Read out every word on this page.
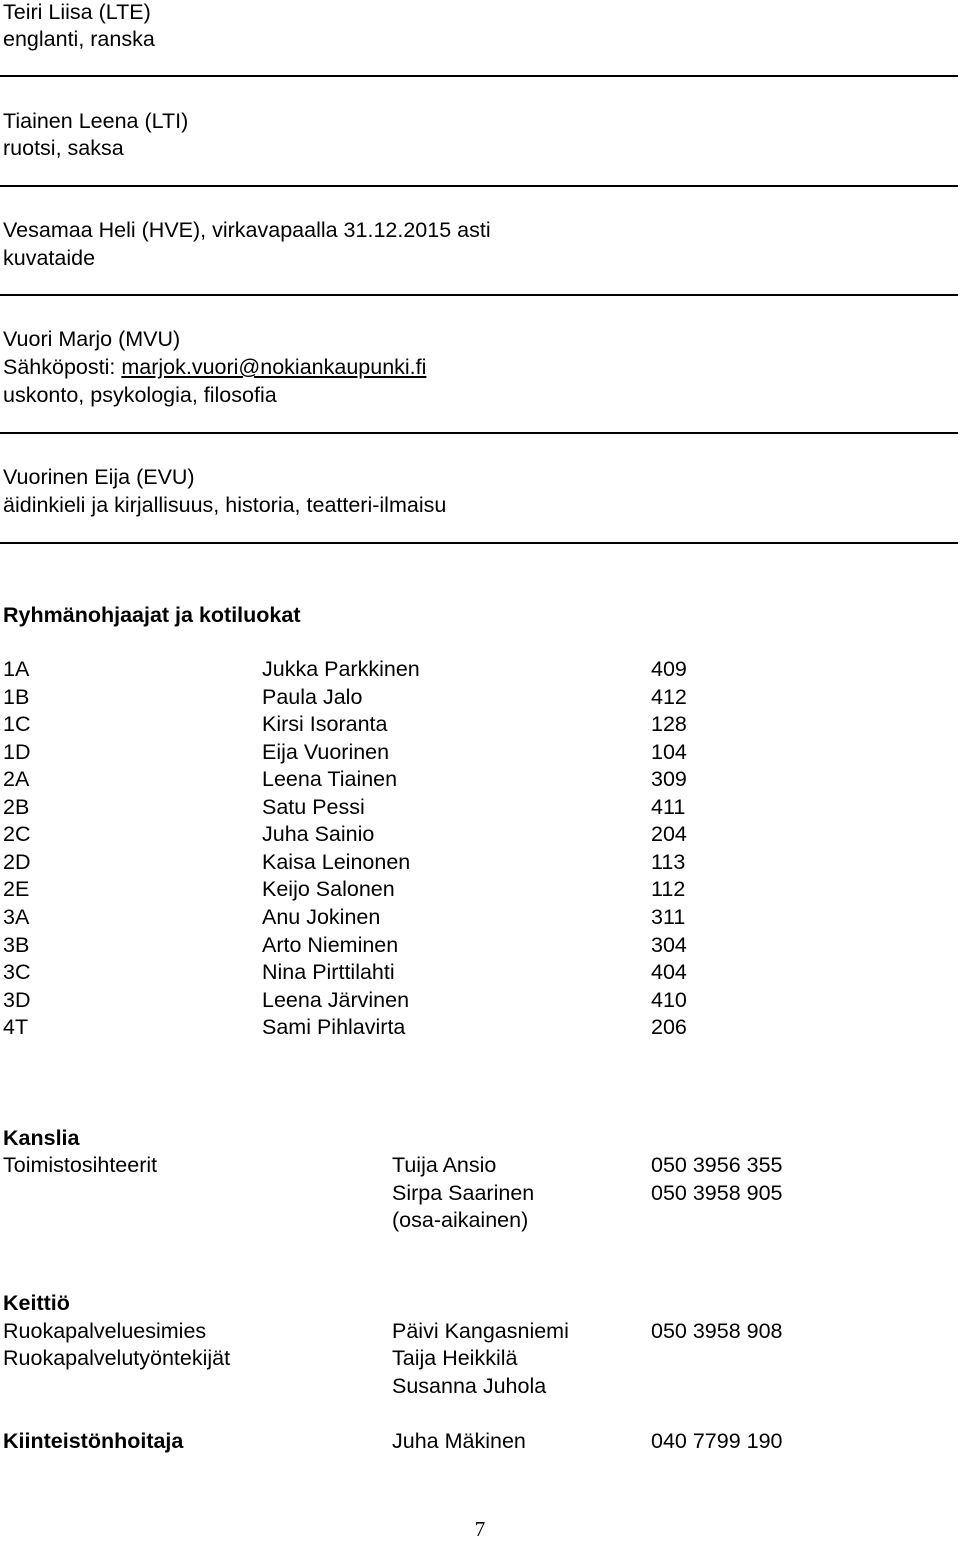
Teiri Liisa (LTE)
englanti, ranska
Tiainen Leena (LTI)
ruotsi, saksa
Vesamaa Heli (HVE), virkavapaalla 31.12.2015 asti
kuvataide
Vuori Marjo (MVU)
Sähköposti: marjok.vuori@nokiankaupunki.fi
uskonto, psykologia, filosofia
Vuorinen Eija (EVU)
äidinkieli ja kirjallisuus, historia, teatteri-ilmaisu
Ryhmänohjaajat ja kotiluokat
1A	Jukka Parkkinen	409
1B	Paula Jalo	412
1C	Kirsi Isoranta	128
1D	Eija Vuorinen	104
2A	Leena Tiainen	309
2B	Satu Pessi	411
2C	Juha Sainio	204
2D	Kaisa Leinonen	113
2E	Keijo Salonen	112
3A	Anu Jokinen	311
3B	Arto Nieminen	304
3C	Nina Pirttilahti	404
3D	Leena Järvinen	410
4T	Sami Pihlavirta	206
Kanslia
Toimistosihteerit	Tuija Ansio	050 3956 355
Sirpa Saarinen	050 3958 905
(osa-aikainen)
Keittiö
Ruokapalveluesimies	Päivi Kangasniemi	050 3958 908
Ruokapalvelutyöntekijät	Taija Heikkilä
Susanna Juhola
Kiinteistönhoitaja	Juha Mäkinen	040 7799 190
7
